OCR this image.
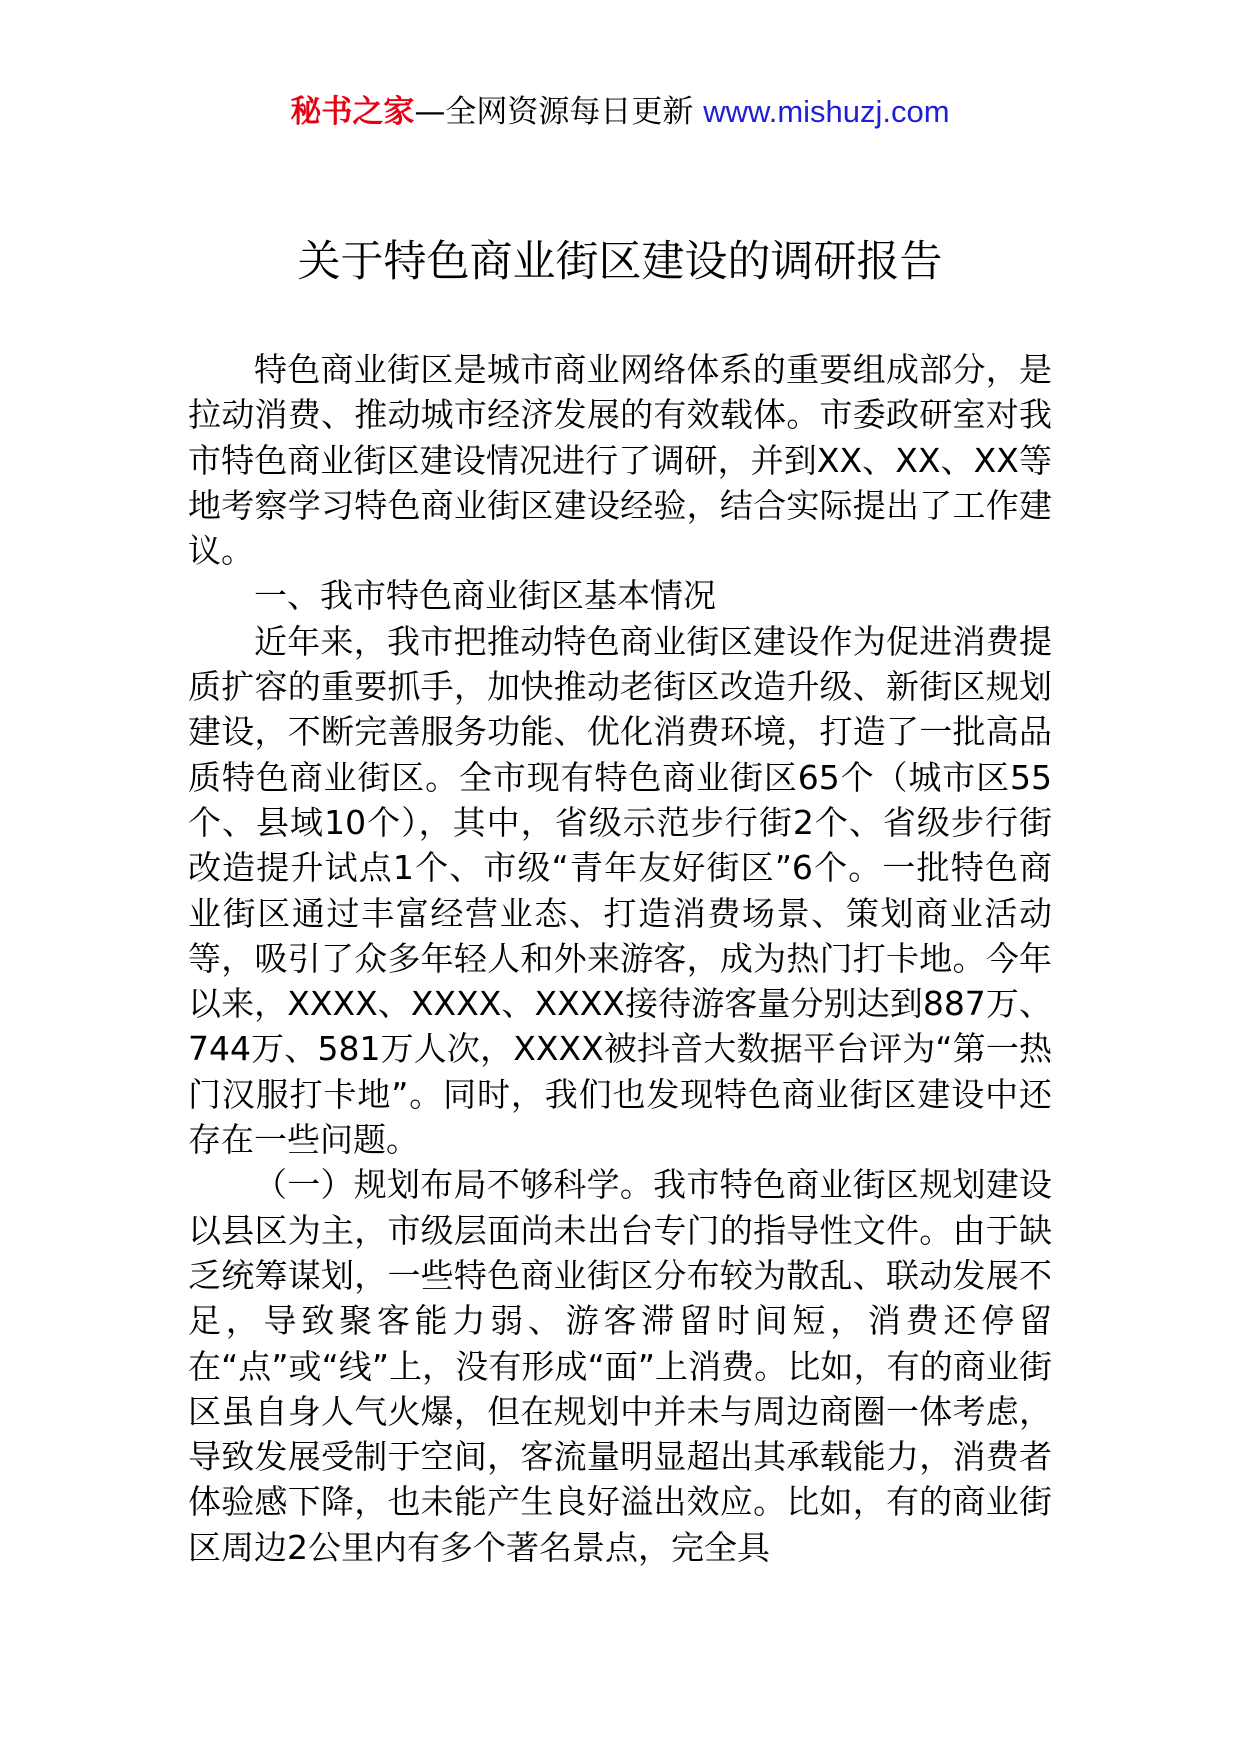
秘书之家—全网资源每日更新 www.mishuzj.com
关于特色商业街区建设的调研报告

特色商业街区是城市商业网络体系的重要组成部分，是拉动消费、推动城市经济发展的有效载体。市委政研室对我市特色商业街区建设情况进行了调研，并到XX、XX、XX等地考察学习特色商业街区建设经验，结合实际提出了工作建议。

一、我市特色商业街区基本情况

近年来，我市把推动特色商业街区建设作为促进消费提质扩容的重要抓手，加快推动老街区改造升级、新街区规划建设，不断完善服务功能、优化消费环境，打造了一批高品质特色商业街区。全市现有特色商业街区65个（城市区55个、县域10个），其中，省级示范步行街2个、省级步行街改造提升试点1个、市级“青年友好街区”6个。一批特色商业街区通过丰富经营业态、打造消费场景、策划商业活动等，吸引了众多年轻人和外来游客，成为热门打卡地。今年以来，XXXX、XXXX、XXXX接待游客量分别达到887万、744万、581万人次，XXXX被抖音大数据平台评为“第一热门汉服打卡地”。同时，我们也发现特色商业街区建设中还存在一些问题。

（一）规划布局不够科学。我市特色商业街区规划建设以县区为主，市级层面尚未出台专门的指导性文件。由于缺乏统筹谋划，一些特色商业街区分布较为散乱、联动发展不足，导致聚客能力弱、游客滞留时间短，消费还停留在“点”或“线”上，没有形成“面”上消费。比如，有的商业街区虽自身人气火爆，但在规划中并未与周边商圈一体考虑，导致发展受制于空间，客流量明显超出其承载能力，消费者体验感下降，也未能产生良好溢出效应。比如，有的商业街区周边2公里内有多个著名景点，完全具
